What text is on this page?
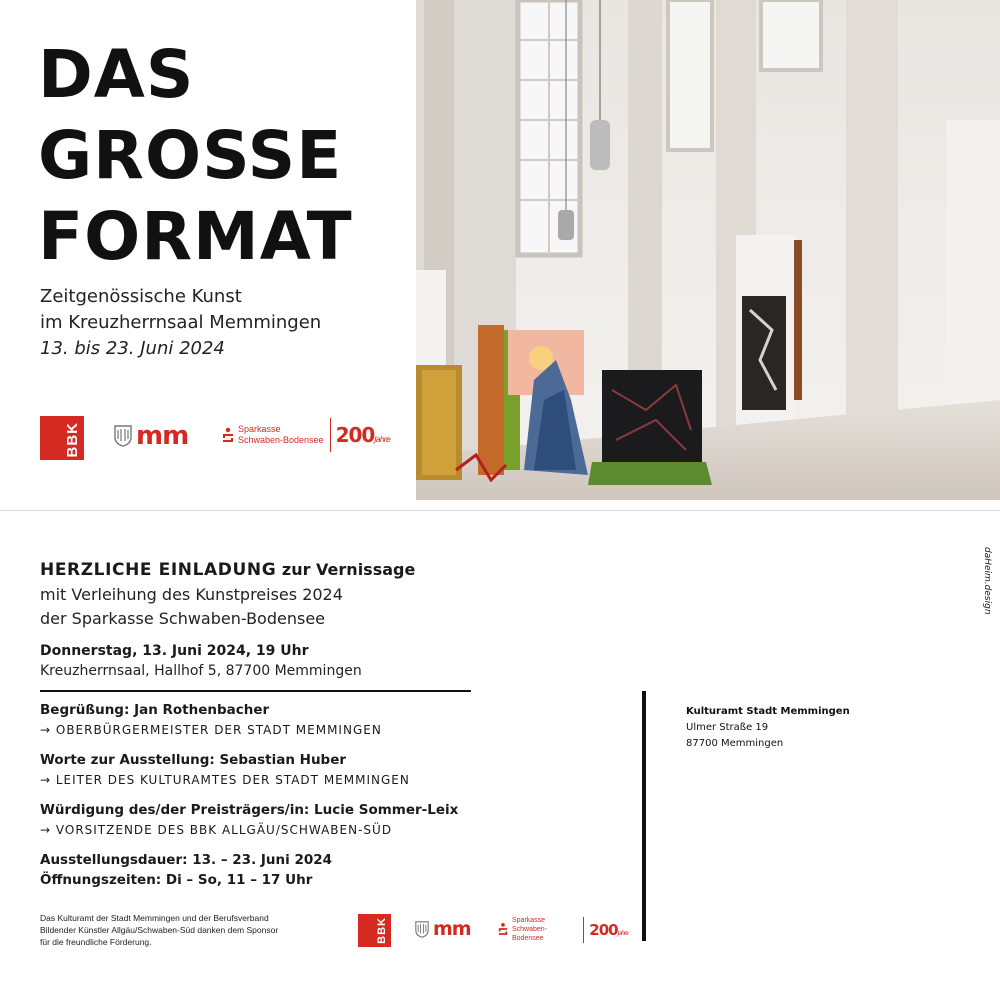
DAS
GROSSE
FORMAT
Zeitgenössische Kunst
im Kreuzherrnsaal Memmingen
13. bis 23. Juni 2024
BBK mm	Sparkasse
Schwaben-Bodensee 200Jahre
HERZLICHE EINLADUNG zur Vernissage
mit Verleihung des Kunstpreises 2024
der Sparkasse Schwaben-Bodensee
Donnerstag, 13. Juni 2024, 19 Uhr
Kreuzherrnsaal, Hallhof 5, 87700 Memmingen
Begrüßung: Jan Rothenbacher
→ OBERBÜRGERMEISTER DER STADT MEMMINGEN
Worte zur Ausstellung: Sebastian Huber
→ LEITER DES KULTURAMTES DER STADT MEMMINGEN
Würdigung des/der Preisträgers/in: Lucie Sommer-Leix
→ VORSITZENDE DES BBK ALLGÄU/SCHWABEN-SÜD
Ausstellungsdauer: 13. – 23. Juni 2024
Öffnungszeiten: Di – So, 11 – 17 Uhr
Das Kulturamt der Stadt Memmingen und der Berufsverband
Bildender Künstler Allgäu/Schwaben-Süd danken dem Sponsor
für die freundliche Förderung.	BBK mm	Sparkasse
Schwaben-Bodensee	200Jahre
Kulturamt Stadt Memmingen
Ulmer Straße 19
87700 Memmingen
daHeim.design
